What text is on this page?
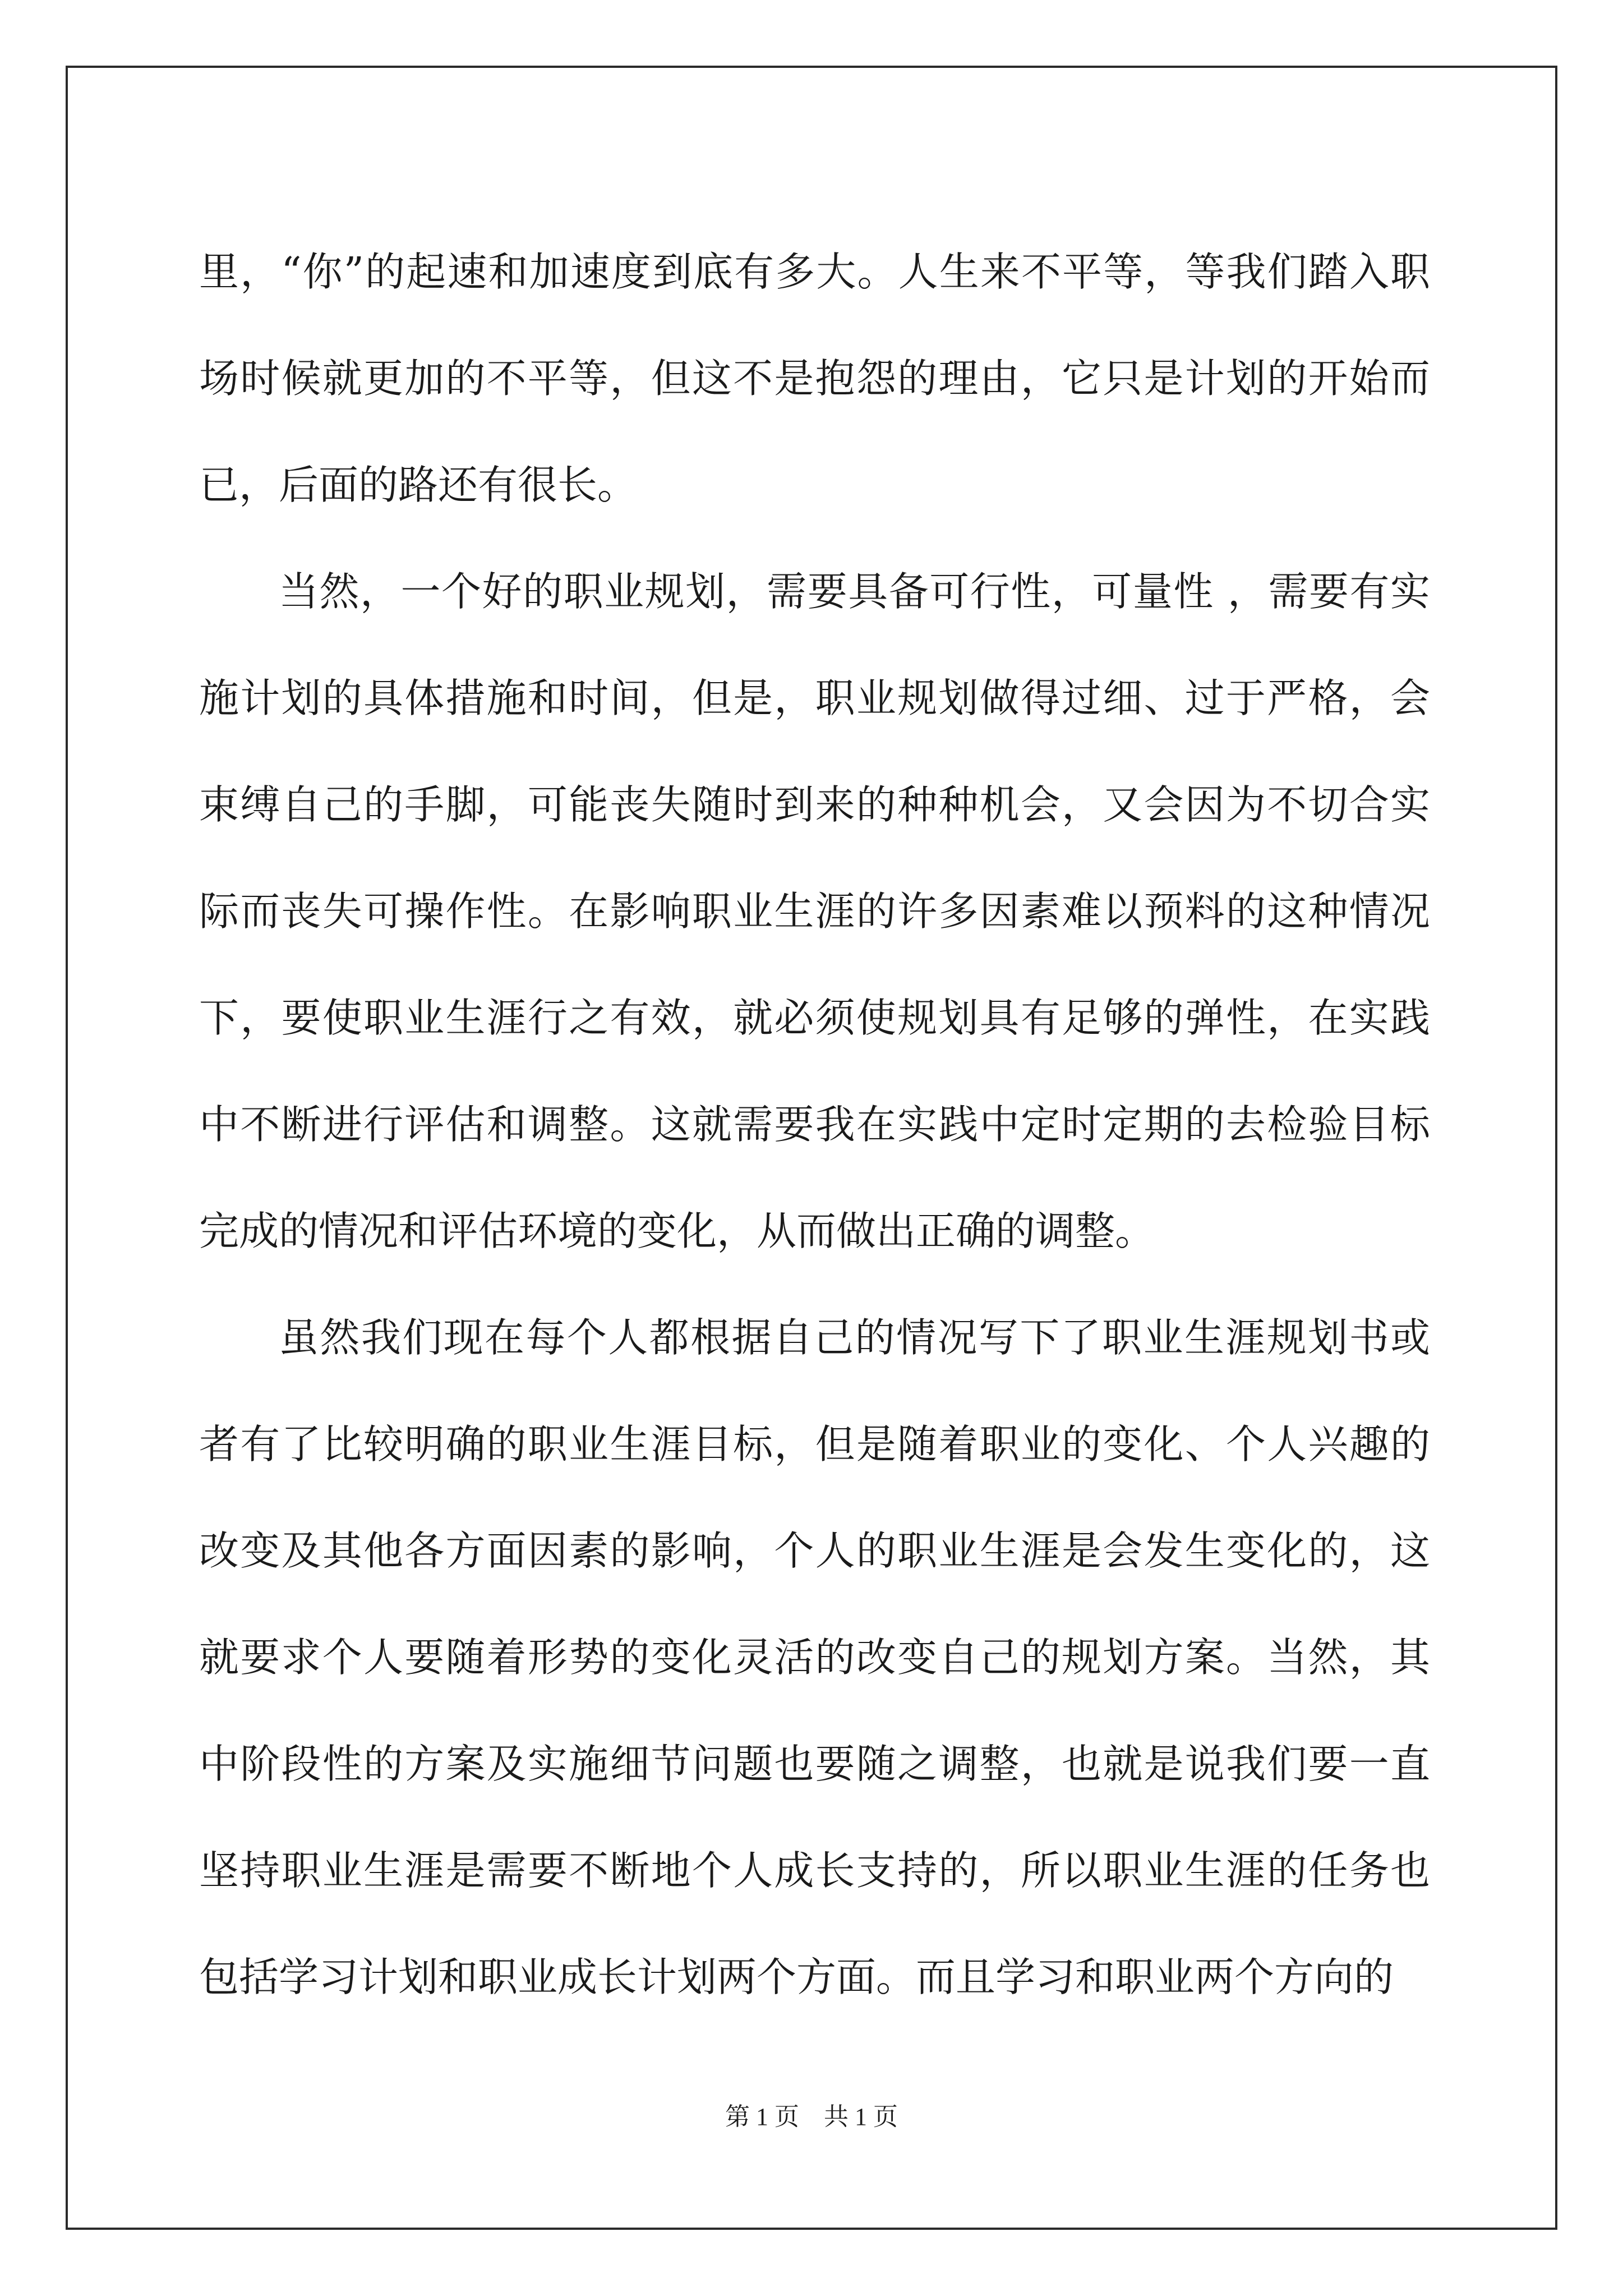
里，“你”的起速和加速度到底有多大。人生来不平等，等我们踏入职场时候就更加的不平等，但这不是抱怨的理由，它只是计划的开始而已，后面的路还有很长。

当然，一个好的职业规划，需要具备可行性，可量性 ，需要有实施计划的具体措施和时间，但是，职业规划做得过细、过于严格，会束缚自己的手脚，可能丧失随时到来的种种机会，又会因为不切合实际而丧失可操作性。在影响职业生涯的许多因素难以预料的这种情况下，要使职业生涯行之有效，就必须使规划具有足够的弹性，在实践中不断进行评估和调整。这就需要我在实践中定时定期的去检验目标完成的情况和评估环境的变化，从而做出正确的调整。

虽然我们现在每个人都根据自己的情况写下了职业生涯规划书或者有了比较明确的职业生涯目标，但是随着职业的变化、个人兴趣的改变及其他各方面因素的影响，个人的职业生涯是会发生变化的，这就要求个人要随着形势的变化灵活的改变自己的规划方案。当然，其中阶段性的方案及实施细节问题也要随之调整，也就是说我们要一直坚持职业生涯是需要不断地个人成长支持的，所以职业生涯的任务也包括学习计划和职业成长计划两个方面。而且学习和职业两个方向的

第 1 页　共 1 页
